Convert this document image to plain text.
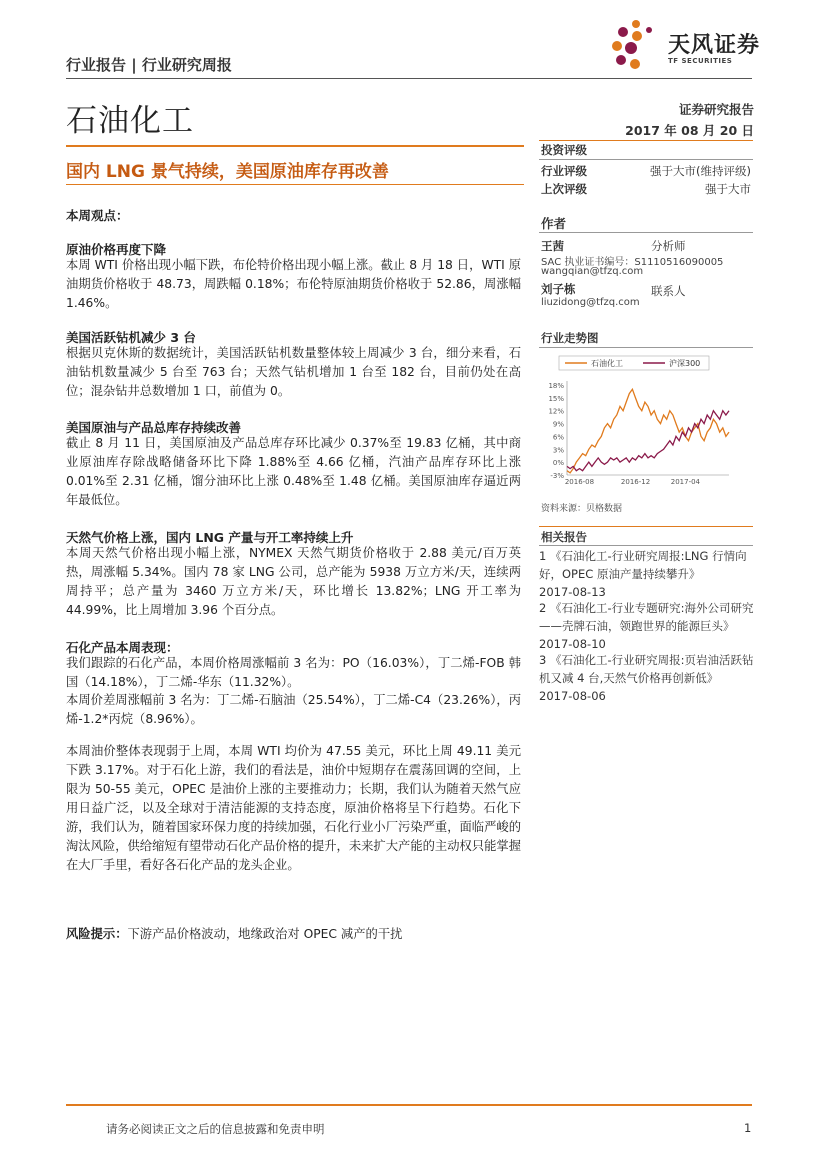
天风证券
TF SECURITIES
行业报告 | 行业研究周报
石油化工	证券研究报告
2017 年 08 月 20 日
国内 LNG 景气持续，美国原油库存再改善
投资评级
行业评级	强于大市(维持评级)
上次评级	强于大市
作者
王茜	分析师
SAC 执业证书编号：S1110516090005
wangqian@tfzq.com
刘子栋	联系人
liuzidong@tfzq.com
行业走势图
石油化工	沪深300
18%
15%
12%
9%
6%
3%
0%
-3%
2016-08	2016-12	2017-04
资料来源：贝格数据
相关报告
1 《石油化工-行业研究周报:LNG 行情向好，OPEC 原油产量持续攀升》
2017-08-13
2 《石油化工-行业专题研究:海外公司研究——壳牌石油，领跑世界的能源巨头》
2017-08-10
3 《石油化工-行业研究周报:页岩油活跃钻机又减 4 台,天然气价格再创新低》
2017-08-06
本周观点：
原油价格再度下降
本周 WTI 价格出现小幅下跌，布伦特价格出现小幅上涨。截止 8 月 18 日，WTI 原油期货价格收于 48.73，周跌幅 0.18%；布伦特原油期货价格收于 52.86，周涨幅 1.46%。
美国活跃钻机减少 3 台
根据贝克休斯的数据统计，美国活跃钻机数量整体较上周减少 3 台，细分来看，石油钻机数量减少 5 台至 763 台；天然气钻机增加 1 台至 182 台，目前仍处在高位；混杂钻井总数增加 1 口，前值为 0。
美国原油与产品总库存持续改善
截止 8 月 11 日，美国原油及产品总库存环比减少 0.37%至 19.83 亿桶，其中商业原油库存除战略储备环比下降 1.88%至 4.66 亿桶，汽油产品库存环比上涨 0.01%至 2.31 亿桶，馏分油环比上涨 0.48%至 1.48 亿桶。美国原油库存逼近两年最低位。
天然气价格上涨，国内 LNG 产量与开工率持续上升
本周天然气价格出现小幅上涨，NYMEX 天然气期货价格收于 2.88 美元/百万英热，周涨幅 5.34%。国内 78 家 LNG 公司，总产能为 5938 万立方米/天，连续两周持平；总产量为 3460 万立方米/天，环比增长 13.82%；LNG 开工率为 44.99%，比上周增加 3.96 个百分点。
石化产品本周表现：
我们跟踪的石化产品，本周价格周涨幅前 3 名为：PO（16.03%），丁二烯-FOB 韩国（14.18%），丁二烯-华东（11.32%）。
本周价差周涨幅前 3 名为：丁二烯-石脑油（25.54%），丁二烯-C4（23.26%），丙烯-1.2*丙烷（8.96%）。
本周油价整体表现弱于上周，本周 WTI 均价为 47.55 美元，环比上周 49.11 美元下跌 3.17%。对于石化上游，我们的看法是，油价中短期存在震荡回调的空间，上限为 50-55 美元，OPEC 是油价上涨的主要推动力；长期，我们认为随着天然气应用日益广泛，以及全球对于清洁能源的支持态度，原油价格将呈下行趋势。石化下游，我们认为，随着国家环保力度的持续加强，石化行业小厂污染严重，面临严峻的淘汰风险，供给缩短有望带动石化产品价格的提升，未来扩大产能的主动权只能掌握在大厂手里，看好各石化产品的龙头企业。
风险提示：下游产品价格波动，地缘政治对 OPEC 减产的干扰
请务必阅读正文之后的信息披露和免责申明	1
